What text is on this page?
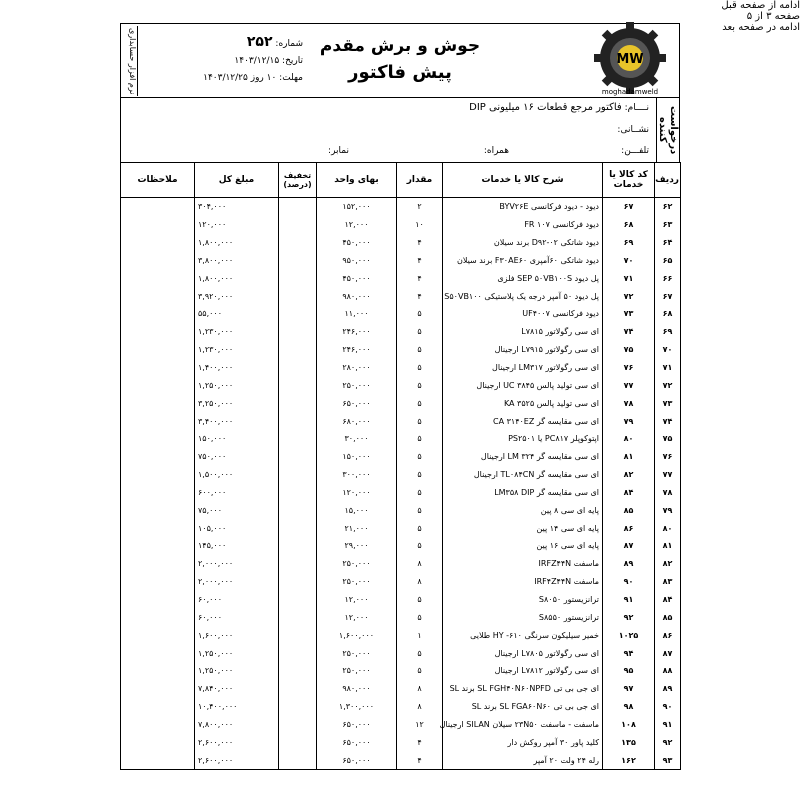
ادامه از صفحه قبل
صفحه ۳ از ۵
MW
moghadamweld
جوش و برش مقدم
پیش فاکتور
شماره: ۲۵۲
تاریخ: ۱۴۰۳/۱۲/۱۵
مهلت: ۱۰ روز ۱۴۰۳/۱۲/۲۵
نرم افزار حسابداری
درخواست کننده
نــــام: فاکتور مرجع قطعات ۱۶ میلیونی DIP
نشــانی:
تلفـــن:
همراه:
نمابر:
ردیف	کد کالا یا خدمات	شرح کالا یا خدمات	مقدار	بهای واحد	تخفیف (درصد)	مبلغ کل	ملاحظات
۶۲	۶۷	دیود - دیود فرکانسی BYV۲۶E	۲	۱۵۲,۰۰۰		۳۰۴,۰۰۰	
۶۳	۶۸	دیود فرکانسی FR ۱۰۷	۱۰	۱۲,۰۰۰		۱۲۰,۰۰۰	
۶۴	۶۹	دیود شاتکی D۹۲-۰۲ برند سیلان	۴	۴۵۰,۰۰۰		۱,۸۰۰,۰۰۰	
۶۵	۷۰	دیود شاتکی ۶۰آمپری F۳۰AE۶۰ برند سیلان	۴	۹۵۰,۰۰۰		۳,۸۰۰,۰۰۰	
۶۶	۷۱	پل دیود SEP ۵۰VB۱۰۰S فلزی	۴	۴۵۰,۰۰۰		۱,۸۰۰,۰۰۰	
۶۷	۷۲	پل دیود ۵۰ آمپر درجه یک پلاستیکی S۵۰VB۱۰۰	۴	۹۸۰,۰۰۰		۳,۹۲۰,۰۰۰	
۶۸	۷۳	دیود فرکانسی UF۴۰۰۷	۵	۱۱,۰۰۰		۵۵,۰۰۰	
۶۹	۷۴	ای سی رگولاتور L۷۸۱۵	۵	۲۴۶,۰۰۰		۱,۲۳۰,۰۰۰	
۷۰	۷۵	ای سی رگولاتور L۷۹۱۵ ارجینال	۵	۲۴۶,۰۰۰		۱,۲۳۰,۰۰۰	
۷۱	۷۶	ای سی رگولاتور LM۳۱۷ ارجینال	۵	۲۸۰,۰۰۰		۱,۴۰۰,۰۰۰	
۷۲	۷۷	ای سی تولید پالس UC ۳۸۴۵ ارجینال	۵	۲۵۰,۰۰۰		۱,۲۵۰,۰۰۰	
۷۳	۷۸	ای سی تولید پالس KA ۳۵۲۵	۵	۶۵۰,۰۰۰		۳,۲۵۰,۰۰۰	
۷۴	۷۹	ای سی مقایسه گر CA ۳۱۴۰EZ	۵	۶۸۰,۰۰۰		۳,۴۰۰,۰۰۰	
۷۵	۸۰	اپتوکوپلر PC۸۱۷ یا PS۲۵۰۱	۵	۳۰,۰۰۰		۱۵۰,۰۰۰	
۷۶	۸۱	ای سی مقایسه گر LM ۳۲۴ ارجینال	۵	۱۵۰,۰۰۰		۷۵۰,۰۰۰	
۷۷	۸۲	ای سی مقایسه گر TL۰۸۴CN ارجینال	۵	۳۰۰,۰۰۰		۱,۵۰۰,۰۰۰	
۷۸	۸۴	ای سی مقایسه گر LM۳۵۸ DIP	۵	۱۲۰,۰۰۰		۶۰۰,۰۰۰	
۷۹	۸۵	پایه ای سی ۸ پین	۵	۱۵,۰۰۰		۷۵,۰۰۰	
۸۰	۸۶	پایه ای سی ۱۴ پین	۵	۲۱,۰۰۰		۱۰۵,۰۰۰	
۸۱	۸۷	پایه ای سی ۱۶ پین	۵	۲۹,۰۰۰		۱۴۵,۰۰۰	
۸۲	۸۹	ماسفت IRFZ۴۴N	۸	۲۵۰,۰۰۰		۲,۰۰۰,۰۰۰	
۸۳	۹۰	ماسفت IRF۴Z۴۴N	۸	۲۵۰,۰۰۰		۲,۰۰۰,۰۰۰	
۸۴	۹۱	ترانزیستور S۸۰۵۰	۵	۱۲,۰۰۰		۶۰,۰۰۰	
۸۵	۹۲	ترانزیستور S۸۵۵۰	۵	۱۲,۰۰۰		۶۰,۰۰۰	
۸۶	۱۰۲۵	خمیر سیلیکون سرنگی ۶۱۰- HY طلایی	۱	۱,۶۰۰,۰۰۰		۱,۶۰۰,۰۰۰	
۸۷	۹۴	ای سی رگولاتور L۷۸۰۵ ارجینال	۵	۲۵۰,۰۰۰		۱,۲۵۰,۰۰۰	
۸۸	۹۵	ای سی رگولاتور L۷۸۱۲ ارجینال	۵	۲۵۰,۰۰۰		۱,۲۵۰,۰۰۰	
۸۹	۹۷	ای جی بی تی SL FGH۴۰N۶۰NPFD برند SL	۸	۹۸۰,۰۰۰		۷,۸۴۰,۰۰۰	
۹۰	۹۸	ای جی بی تی SL FGA۶۰N۶۰ برند SL	۸	۱,۳۰۰,۰۰۰		۱۰,۴۰۰,۰۰۰	
۹۱	۱۰۸	ماسفت - ماسفت ۲۳N۵۰ سیلان SILAN ارجینال	۱۲	۶۵۰,۰۰۰		۷,۸۰۰,۰۰۰	
۹۲	۱۳۵	کلید پاور ۳۰ آمپر روکش دار	۴	۶۵۰,۰۰۰		۲,۶۰۰,۰۰۰	
۹۳	۱۶۲	رله ۲۴ ولت ۲۰ آمپر	۴	۶۵۰,۰۰۰		۲,۶۰۰,۰۰۰	
ادامه در صفحه بعد
